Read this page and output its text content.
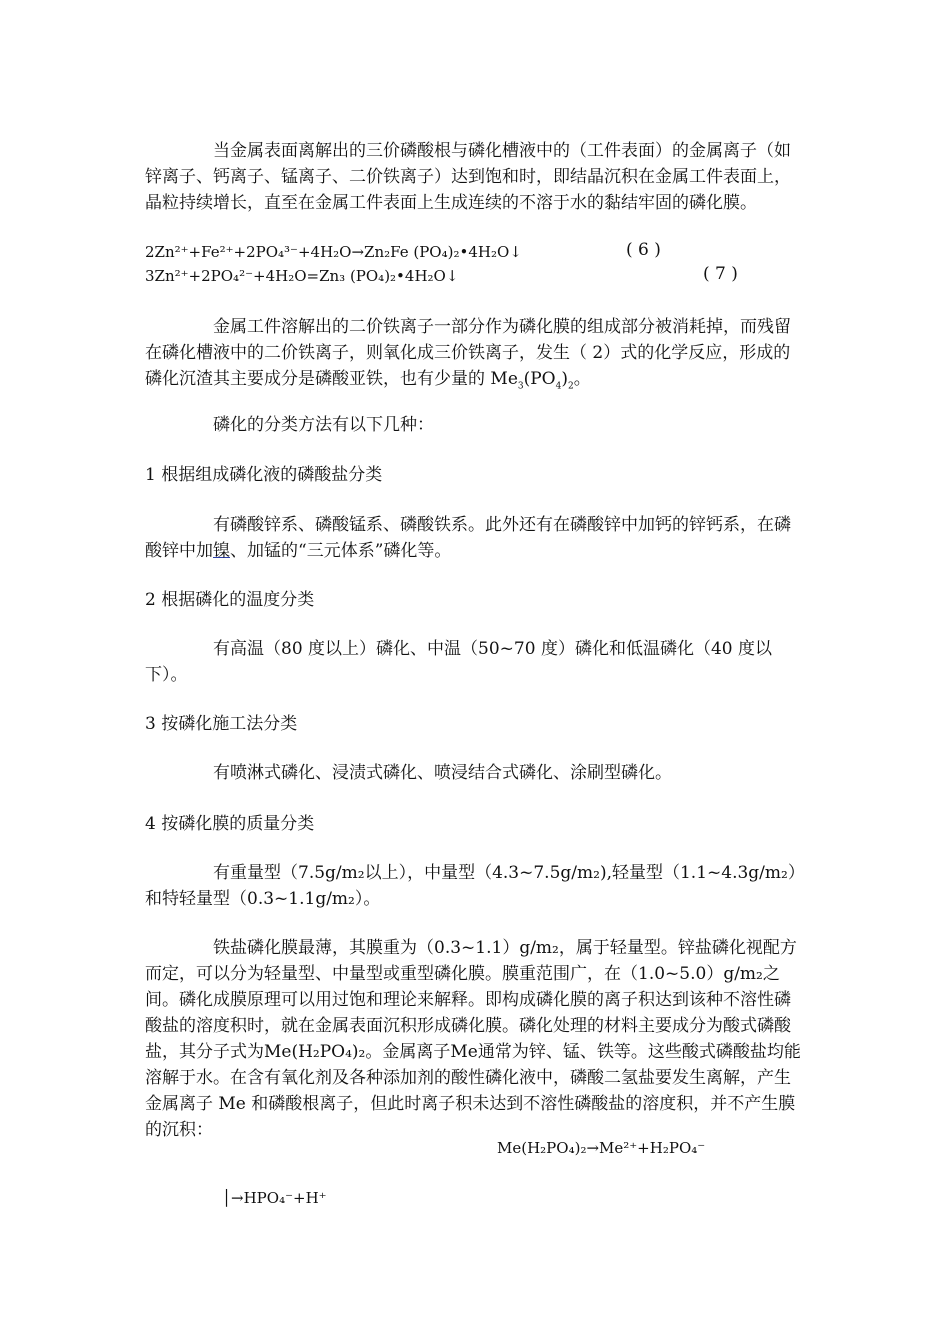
当金属表面离解出的三价磷酸根与磷化槽液中的（工件表面）的金属离子（如锌离子、钙离子、锰离子、二价铁离子）达到饱和时，即结晶沉积在金属工件表面上，晶粒持续增长，直至在金属工件表面上生成连续的不溶于水的黏结牢固的磷化膜。

2Zn²⁺+Fe²⁺+2PO₄³⁻+4H₂O→Zn₂Fe (PO₄)₂•4H₂O↓	( 6 )
3Zn²⁺+2PO₄²⁻+4H₂O=Zn₃ (PO₄)₂•4H₂O↓	( 7 )

金属工件溶解出的二价铁离子一部分作为磷化膜的组成部分被消耗掉，而残留在磷化槽液中的二价铁离子，则氧化成三价铁离子，发生（ 2）式的化学反应，形成的磷化沉渣其主要成分是磷酸亚铁，也有少量的 $Me_3(PO_4)_2$。

磷化的分类方法有以下几种：

1 根据组成磷化液的磷酸盐分类

有磷酸锌系、磷酸锰系、磷酸铁系。此外还有在磷酸锌中加钙的锌钙系，在磷酸锌中加镍、加锰的“三元体系”磷化等。

2 根据磷化的温度分类

有高温（80 度以上）磷化、中温（50~70 度）磷化和低温磷化（40 度以下）。

3 按磷化施工法分类

有喷淋式磷化、浸渍式磷化、喷浸结合式磷化、涂刷型磷化。

4 按磷化膜的质量分类

有重量型（7.5g/m₂以上），中量型（4.3~7.5g/m₂),轻量型（1.1~4.3g/m₂）和特轻量型（0.3~1.1g/m₂）。

铁盐磷化膜最薄，其膜重为（0.3~1.1）g/m₂，属于轻量型。锌盐磷化视配方而定，可以分为轻量型、中量型或重型磷化膜。膜重范围广，在（1.0~5.0）g/m₂之间。磷化成膜原理可以用过饱和理论来解释。即构成磷化膜的离子积达到该种不溶性磷酸盐的溶度积时，就在金属表面沉积形成磷化膜。磷化处理的材料主要成分为酸式磷酸盐，其分子式为Me(H₂PO₄)₂。金属离子Me通常为锌、锰、铁等。这些酸式磷酸盐均能溶解于水。在含有氧化剂及各种添加剂的酸性磷化液中，磷酸二氢盐要发生离解，产生金属离子 Me 和磷酸根离子，但此时离子积未达到不溶性磷酸盐的溶度积，并不产生膜的沉积：

Me(H₂PO₄)₂→Me²⁺+H₂PO₄⁻
│→HPO₄⁻+H⁺
